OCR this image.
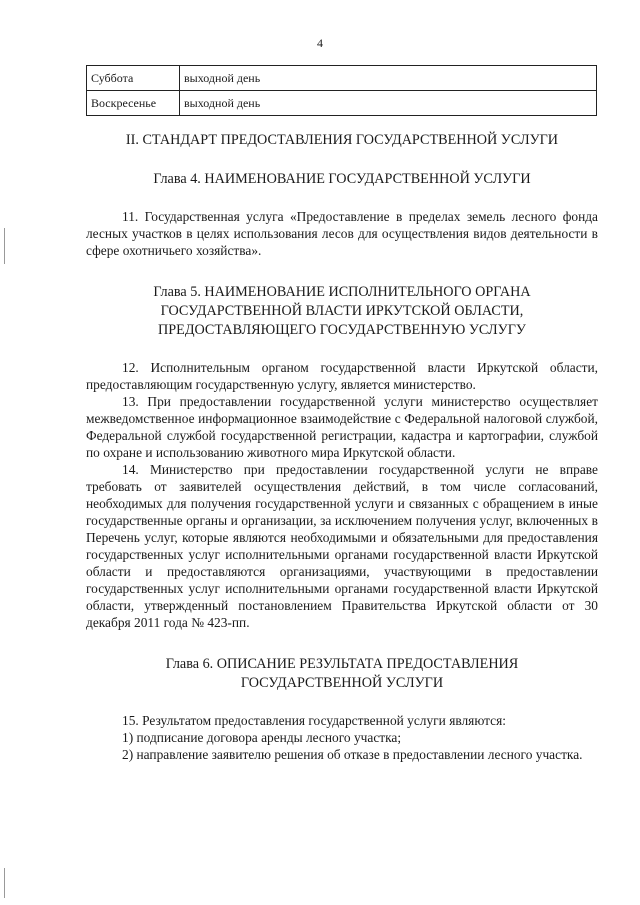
4
Суббота	выходной день
Воскресенье	выходной день
II. СТАНДАРТ ПРЕДОСТАВЛЕНИЯ ГОСУДАРСТВЕННОЙ УСЛУГИ
Глава 4. НАИМЕНОВАНИЕ ГОСУДАРСТВЕННОЙ УСЛУГИ

11. Государственная услуга «Предоставление в пределах земель лесного фонда лесных участков в целях использования лесов для осуществления видов деятельности в сфере охотничьего хозяйства».

Глава 5. НАИМЕНОВАНИЕ ИСПОЛНИТЕЛЬНОГО ОРГАНА
ГОСУДАРСТВЕННОЙ ВЛАСТИ ИРКУТСКОЙ ОБЛАСТИ,
ПРЕДОСТАВЛЯЮЩЕГО ГОСУДАРСТВЕННУЮ УСЛУГУ

12. Исполнительным органом государственной власти Иркутской области, предоставляющим государственную услугу, является министерство.

13. При предоставлении государственной услуги министерство осуществляет межведомственное информационное взаимодействие с Федеральной налоговой службой, Федеральной службой государственной регистрации, кадастра и картографии, службой по охране и использованию животного мира Иркутской области.

14. Министерство при предоставлении государственной услуги не вправе требовать от заявителей осуществления действий, в том числе согласований, необходимых для получения государственной услуги и связанных с обращением в иные государственные органы и организации, за исключением получения услуг, включенных в Перечень услуг, которые являются необходимыми и обязательными для предоставления государственных услуг исполнительными органами государственной власти Иркутской области и предоставляются организациями, участвующими в предоставлении государственных услуг исполнительными органами государственной власти Иркутской области, утвержденный постановлением Правительства Иркутской области от 30 декабря 2011 года № 423-пп.

Глава 6. ОПИСАНИЕ РЕЗУЛЬТАТА ПРЕДОСТАВЛЕНИЯ
ГОСУДАРСТВЕННОЙ УСЛУГИ

15. Результатом предоставления государственной услуги являются:

1) подписание договора аренды лесного участка;

2) направление заявителю решения об отказе в предоставлении лесного участка.
